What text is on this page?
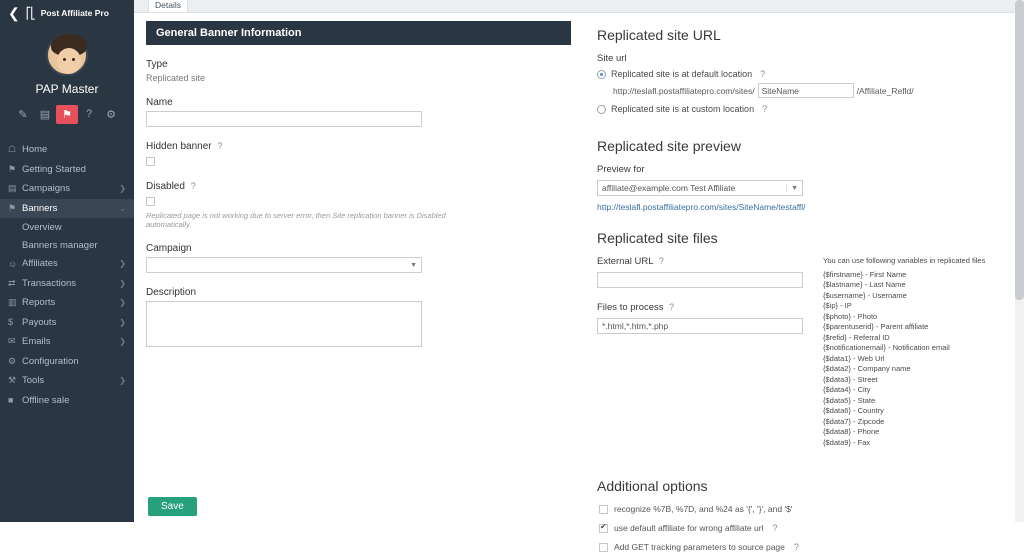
❮ ⎡⎣ Post Affiliate Pro
PAP Master
✎	▤	⚑	?	⚙
☖ Home
⚑ Getting Started
▤ Campaigns	❯
⚑ Banners	⌄
Overview
Banners manager
☺ Affiliates	❯
⇄ Transactions	❯
▥ Reports	❯
$ Payouts	❯
✉ Emails	❯
⚙ Configuration
⚒ Tools	❯
■ Offline sale
Details
General Banner Information
Type
Replicated site
Name
Hidden banner ?
Disabled ?
Replicated page is not working due to server error, then Site replication banner is Disabled automatically.
Campaign
▼
Description
Save
Replicated site URL
Site url
Replicated site is at default location ?
http://teslafl.postaffiliatepro.com/sites/
SiteName	/Affiliate_Refld/
Replicated site is at custom location ?
Replicated site preview
Preview for
affiliate@example.com Test Affiliate	▼
http://teslafl.postaffiliatepro.com/sites/SiteName/testaffl/
Replicated site files
External URL ?
Files to process ?
*.html,*.htm,*.php
You can use following variables in replicated files
{$firstname} - First Name
{$lastname} - Last Name
{$username} - Username
{$ip} - IP
{$photo} - Photo
{$parentuserid} - Parent affiliate
{$refid} - Referral ID
{$notificationemail} - Notification email
{$data1} - Web Url
{$data2} - Company name
{$data3} - Street
{$data4} - City
{$data5} - State
{$data6} - Country
{$data7} - Zipcode
{$data8} - Phone
{$data9} - Fax
Additional options
recognize %7B, %7D, and %24 as '{', '}', and '$'
✔
use default affiliate for wrong affiliate url ?
Add GET tracking parameters to source page ?
